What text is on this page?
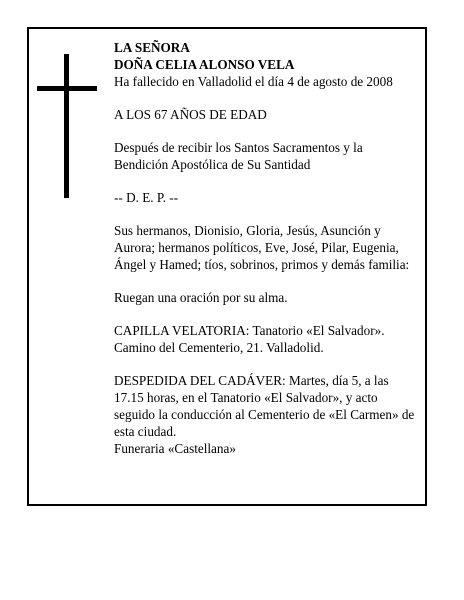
LA SEÑORA

DOÑA CELIA ALONSO VELA

Ha fallecido en Valladolid el día 4 de agosto de 2008

A LOS 67 AÑOS DE EDAD

Después de recibir los Santos Sacramentos y la

Bendición Apostólica de Su Santidad

-- D. E. P. --

Sus hermanos, Dionisio, Gloria, Jesús, Asunción y

Aurora; hermanos políticos, Eve, José, Pilar, Eugenia,

Ángel y Hamed; tíos, sobrinos, primos y demás familia:

Ruegan una oración por su alma.

CAPILLA VELATORIA: Tanatorio «El Salvador».

Camino del Cementerio, 21. Valladolid.

DESPEDIDA DEL CADÁVER: Martes, día 5, a las

17.15 horas, en el Tanatorio «El Salvador», y acto

seguido la conducción al Cementerio de «El Carmen» de

esta ciudad.

Funeraria «Castellana»
